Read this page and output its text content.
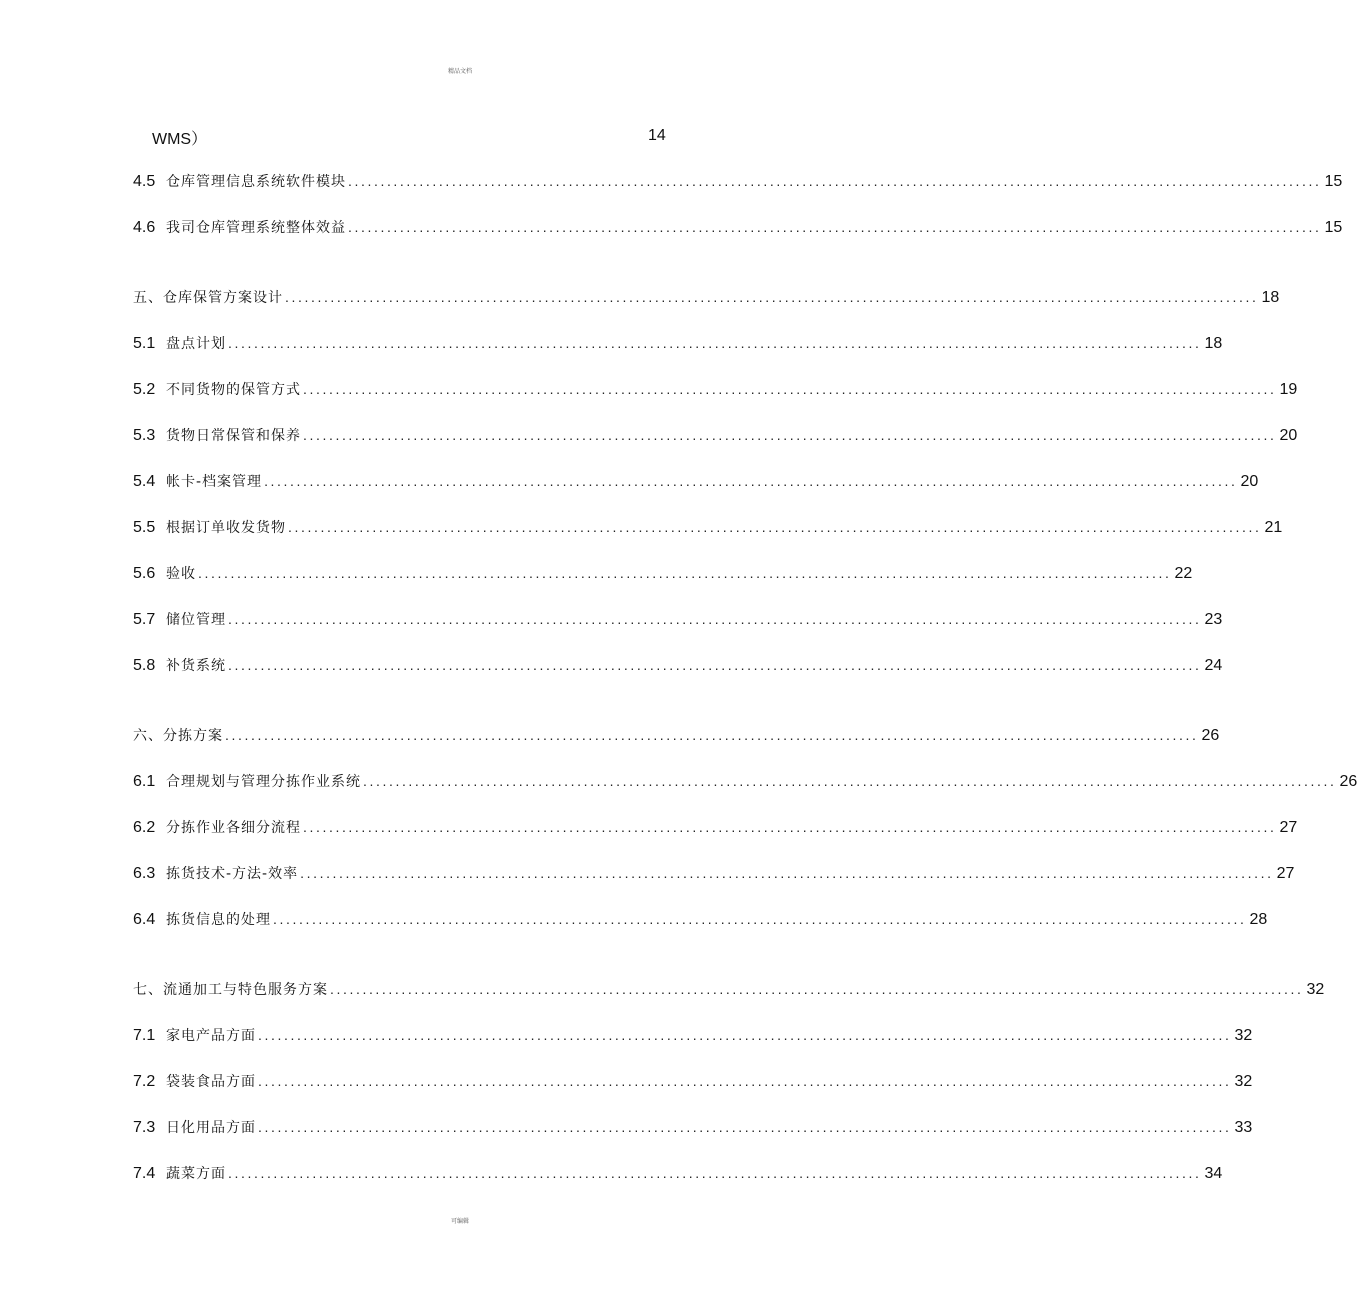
精品文档
WMS）	14
4.5 仓库管理信息系统软件模块 ...................................................................................................................................................... 15
4.6 我司仓库管理系统整体效益 ...................................................................................................................................................... 15
五、仓库保管方案设计 ...................................................................................................................................................... 18
5.1 盘点计划 ...................................................................................................................................................... 18
5.2 不同货物的保管方式 ...................................................................................................................................................... 19
5.3 货物日常保管和保养 ...................................................................................................................................................... 20
5.4 帐卡-档案管理 ...................................................................................................................................................... 20
5.5 根据订单收发货物 ...................................................................................................................................................... 21
5.6 验收 ...................................................................................................................................................... 22
5.7 储位管理 ...................................................................................................................................................... 23
5.8 补货系统 ...................................................................................................................................................... 24
六、分拣方案 ...................................................................................................................................................... 26
6.1 合理规划与管理分拣作业系统 ...................................................................................................................................................... 26
6.2 分拣作业各细分流程 ...................................................................................................................................................... 27
6.3 拣货技术-方法-效率 ...................................................................................................................................................... 27
6.4 拣货信息的处理 ...................................................................................................................................................... 28
七、流通加工与特色服务方案 ...................................................................................................................................................... 32
7.1 家电产品方面 ...................................................................................................................................................... 32
7.2 袋装食品方面 ...................................................................................................................................................... 32
7.3 日化用品方面 ...................................................................................................................................................... 33
7.4 蔬菜方面 ...................................................................................................................................................... 34
可编辑
